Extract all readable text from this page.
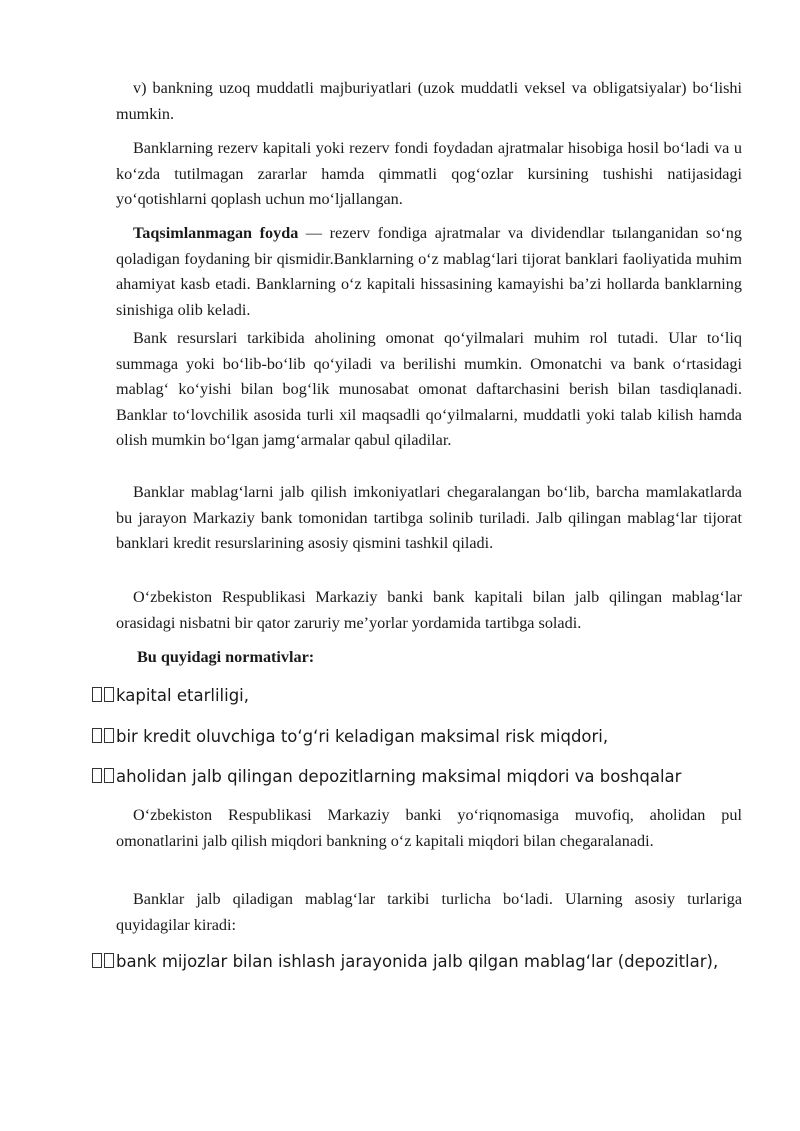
v) bankning uzoq muddatli majburiyatlari (uzok muddatli veksel va obligatsiyalar) bo‘lishi mumkin.

Banklarning rezerv kapitali yoki rezerv fondi foydadan ajratmalar hisobiga hosil bo‘ladi va u ko‘zda tutilmagan zararlar hamda qimmatli qog‘ozlar kursining tushishi natijasidagi yo‘qotishlarni qoplash uchun mo‘ljallangan.

Taqsimlanmagan foyda — rezerv fondiga ajratmalar va dividendlar tыlanganidan so‘ng qoladigan foydaning bir qismidir.Banklarning o‘z mablag‘lari tijorat banklari faoliyatida muhim ahamiyat kasb etadi. Banklarning o‘z kapitali hissasining kamayishi ba’zi hollarda banklarning sinishiga olib keladi.

Bank resurslari tarkibida aholining omonat qo‘yilmalari muhim rol tutadi. Ular to‘liq summaga yoki bo‘lib-bo‘lib qo‘yiladi va berilishi mumkin. Omonatchi va bank o‘rtasidagi mablag‘ ko‘yishi bilan bog‘lik munosabat omonat daftarchasini berish bilan tasdiqlanadi. Banklar to‘lovchilik asosida turli xil maqsadli qo‘yilmalarni, muddatli yoki talab kilish hamda olish mumkin bo‘lgan jamg‘armalar qabul qiladilar.

Banklar mablag‘larni jalb qilish imkoniyatlari chegaralangan bo‘lib, barcha mamlakatlarda bu jarayon Markaziy bank tomonidan tartibga solinib turiladi. Jalb qilingan mablag‘lar tijorat banklari kredit resurslarining asosiy qismini tashkil qiladi.

O‘zbekiston Respublikasi Markaziy banki bank kapitali bilan jalb qilingan mablag‘lar orasidagi nisbatni bir qator zaruriy me’yorlar yordamida tartibga soladi.

Bu quyidagi normativlar:

kapital etarliligi,

bir kredit oluvchiga to‘g‘ri keladigan maksimal risk miqdori,

aholidan jalb qilingan depozitlarning maksimal miqdori va boshqalar

O‘zbekiston Respublikasi Markaziy banki yo‘riqnomasiga muvofiq, aholidan pul omonatlarini jalb qilish miqdori bankning o‘z kapitali miqdori bilan chegaralanadi.

Banklar jalb qiladigan mablag‘lar tarkibi turlicha bo‘ladi. Ularning asosiy turlariga quyidagilar kiradi:

bank mijozlar bilan ishlash jarayonida jalb qilgan mablag‘lar (depozitlar),
